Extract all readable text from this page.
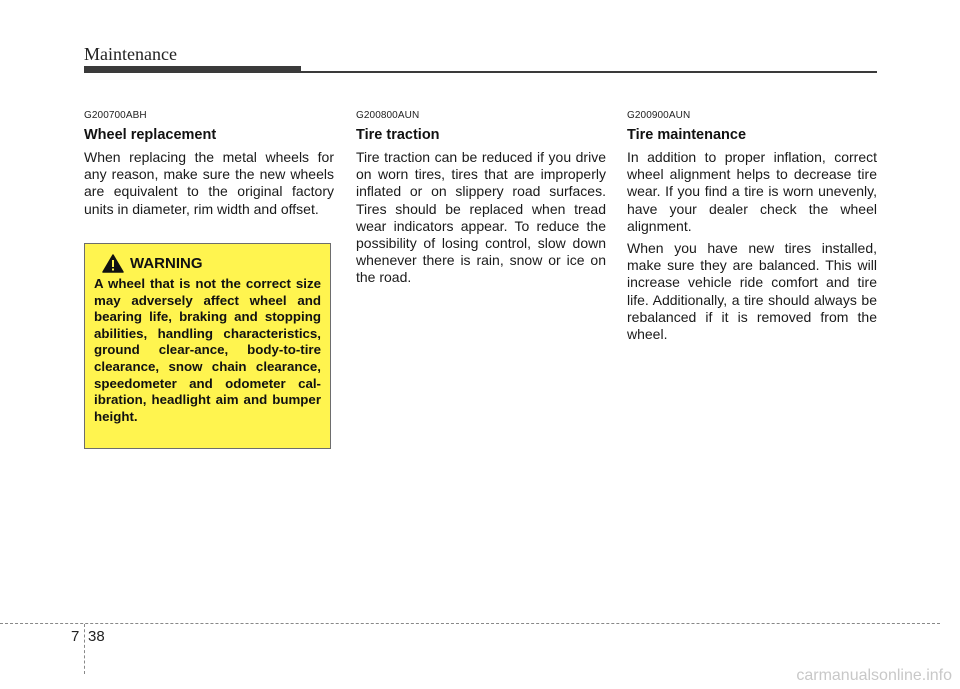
Maintenance
G200700ABH
Wheel replacement

When replacing the metal wheels for any reason, make sure the new wheels are equivalent to the original factory units in diameter, rim width and offset.

WARNING
A wheel that is not the correct size may adversely affect wheel and bearing life, braking and stopping abilities, handling characteristics, ground clear-ance, body-to-tire clearance, snow chain clearance, speedometer and odometer cal-ibration, headlight aim and bumper height.
G200800AUN
Tire traction

Tire traction can be reduced if you drive on worn tires, tires that are improperly inflated or on slippery road surfaces. Tires should be replaced when tread wear indicators appear. To reduce the possibility of losing control, slow down whenever there is rain, snow or ice on the road.

G200900AUN
Tire maintenance

In addition to proper inflation, correct wheel alignment helps to decrease tire wear. If you find a tire is worn unevenly, have your dealer check the wheel alignment.

When you have new tires installed, make sure they are balanced. This will increase vehicle ride comfort and tire life. Additionally, a tire should always be rebalanced if it is removed from the wheel.

7 38
carmanualsonline.info
